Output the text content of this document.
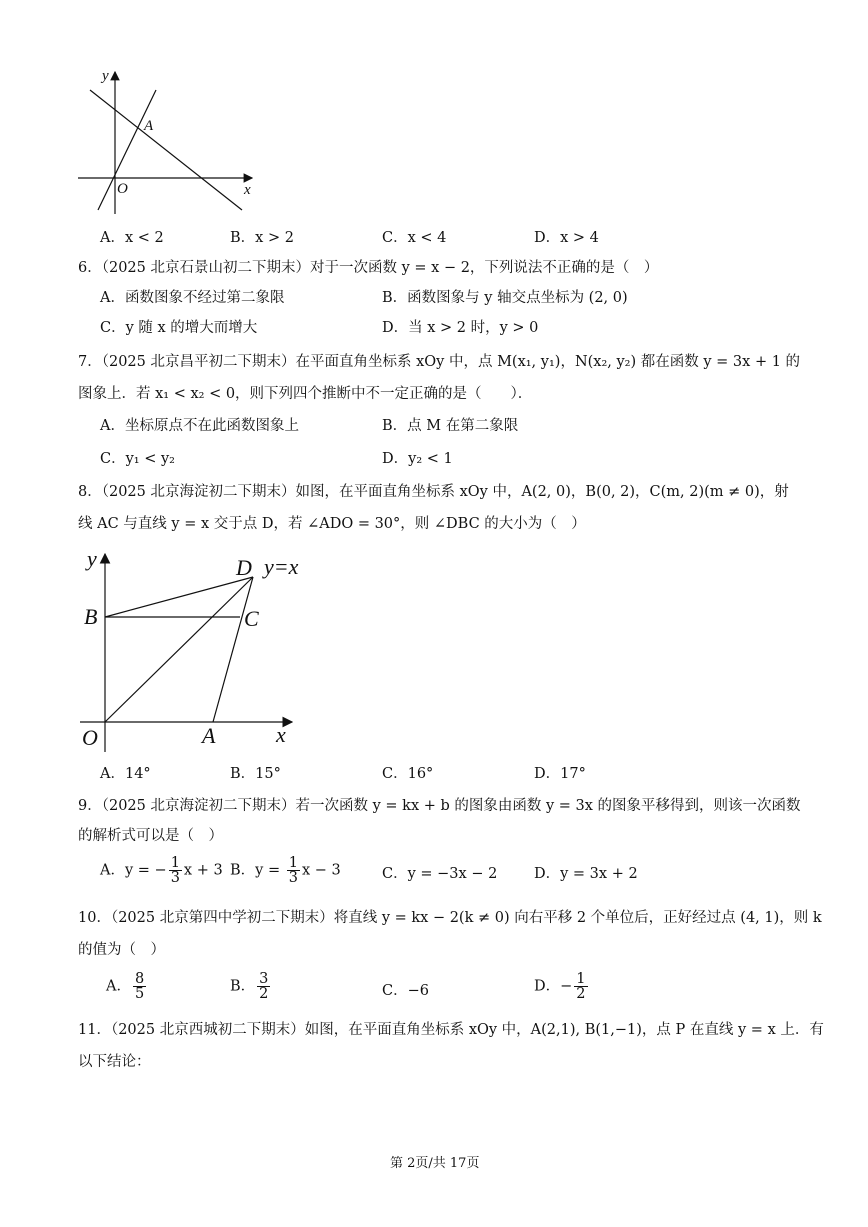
y
x
A
O
A．x < 2	B．x > 2	C．x < 4	D．x > 4
6．（2025 北京石景山初二下期末）对于一次函数 y = x − 2，下列说法不正确的是（　）
A．函数图象不经过第二象限	B．函数图象与 y 轴交点坐标为 (2, 0)
C．y 随 x 的增大而增大	D．当 x > 2 时，y > 0
7．（2025 北京昌平初二下期末）在平面直角坐标系 xOy 中，点 M(x₁, y₁)，N(x₂, y₂) 都在函数 y = 3x + 1 的
图象上．若 x₁ < x₂ < 0，则下列四个推断中不一定正确的是（　　）．
A．坐标原点不在此函数图象上	B．点 M 在第二象限
C．y₁ < y₂	D．y₂ < 1
8．（2025 北京海淀初二下期末）如图，在平面直角坐标系 xOy 中，A(2, 0)，B(0, 2)，C(m, 2)(m ≠ 0)，射
线 AC 与直线 y = x 交于点 D，若 ∠ADO = 30°，则 ∠DBC 的大小为（　）
y
x
D y=x
B	C
O	A
A．14°	B．15°	C．16°	D．17°
9．（2025 北京海淀初二下期末）若一次函数 y = kx + b 的图象由函数 y = 3x 的图象平移得到，则该一次函数
的解析式可以是（　）
A．y = − $\frac{1}{3}$ x + 3 B．$y = \frac{1}{3}$ x − 3	C．y = −3x − 2	D．y = 3x + 2
10．（2025 北京第四中学初二下期末）将直线 y = kx − 2(k ≠ 0) 向右平移 2 个单位后，正好经过点 (4, 1)，则 k
的值为（　）
A． $\frac{8}{5}$	B． $\frac{3}{2}$	C．−6	D．− $\frac{1}{2}$
11．（2025 北京西城初二下期末）如图，在平面直角坐标系 xOy 中，A(2,1), B(1,−1)，点 P 在直线 y = x 上．有
以下结论：
第 2页/共 17页
